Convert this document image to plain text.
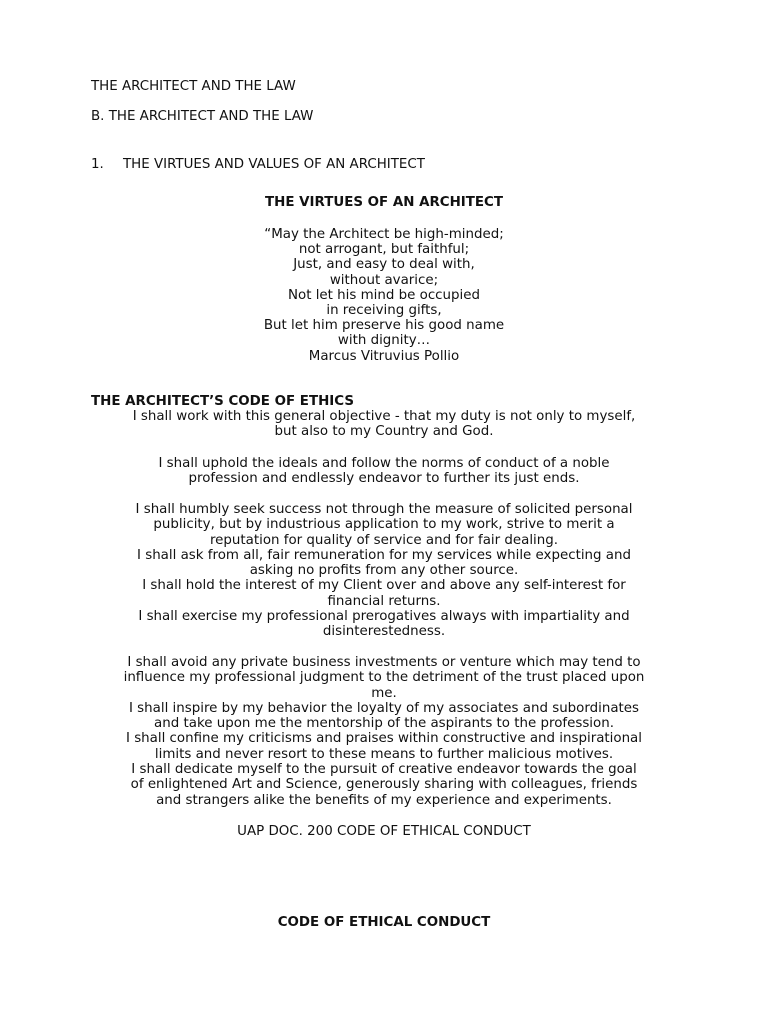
THE ARCHITECT AND THE LAW

B. THE ARCHITECT AND THE LAW

1. THE VIRTUES AND VALUES OF AN ARCHITECT

THE VIRTUES OF AN ARCHITECT

“May the Architect be high-minded;
not arrogant, but faithful;
Just, and easy to deal with,
without avarice;
Not let his mind be occupied
in receiving gifts,
But let him preserve his good name
with dignity…
Marcus Vitruvius Pollio

THE ARCHITECT’S CODE OF ETHICS

I shall work with this general objective - that my duty is not only to myself,
but also to my Country and God.

I shall uphold the ideals and follow the norms of conduct of a noble
profession and endlessly endeavor to further its just ends.

I shall humbly seek success not through the measure of solicited personal
publicity, but by industrious application to my work, strive to merit a
reputation for quality of service and for fair dealing.
I shall ask from all, fair remuneration for my services while expecting and
asking no profits from any other source.
I shall hold the interest of my Client over and above any self-interest for
financial returns.
I shall exercise my professional prerogatives always with impartiality and
disinterestedness.

I shall avoid any private business investments or venture which may tend to
influence my professional judgment to the detriment of the trust placed upon
me.
I shall inspire by my behavior the loyalty of my associates and subordinates
and take upon me the mentorship of the aspirants to the profession.
I shall confine my criticisms and praises within constructive and inspirational
limits and never resort to these means to further malicious motives.
I shall dedicate myself to the pursuit of creative endeavor towards the goal
of enlightened Art and Science, generously sharing with colleagues, friends
and strangers alike the benefits of my experience and experiments.

UAP DOC. 200 CODE OF ETHICAL CONDUCT

CODE OF ETHICAL CONDUCT
